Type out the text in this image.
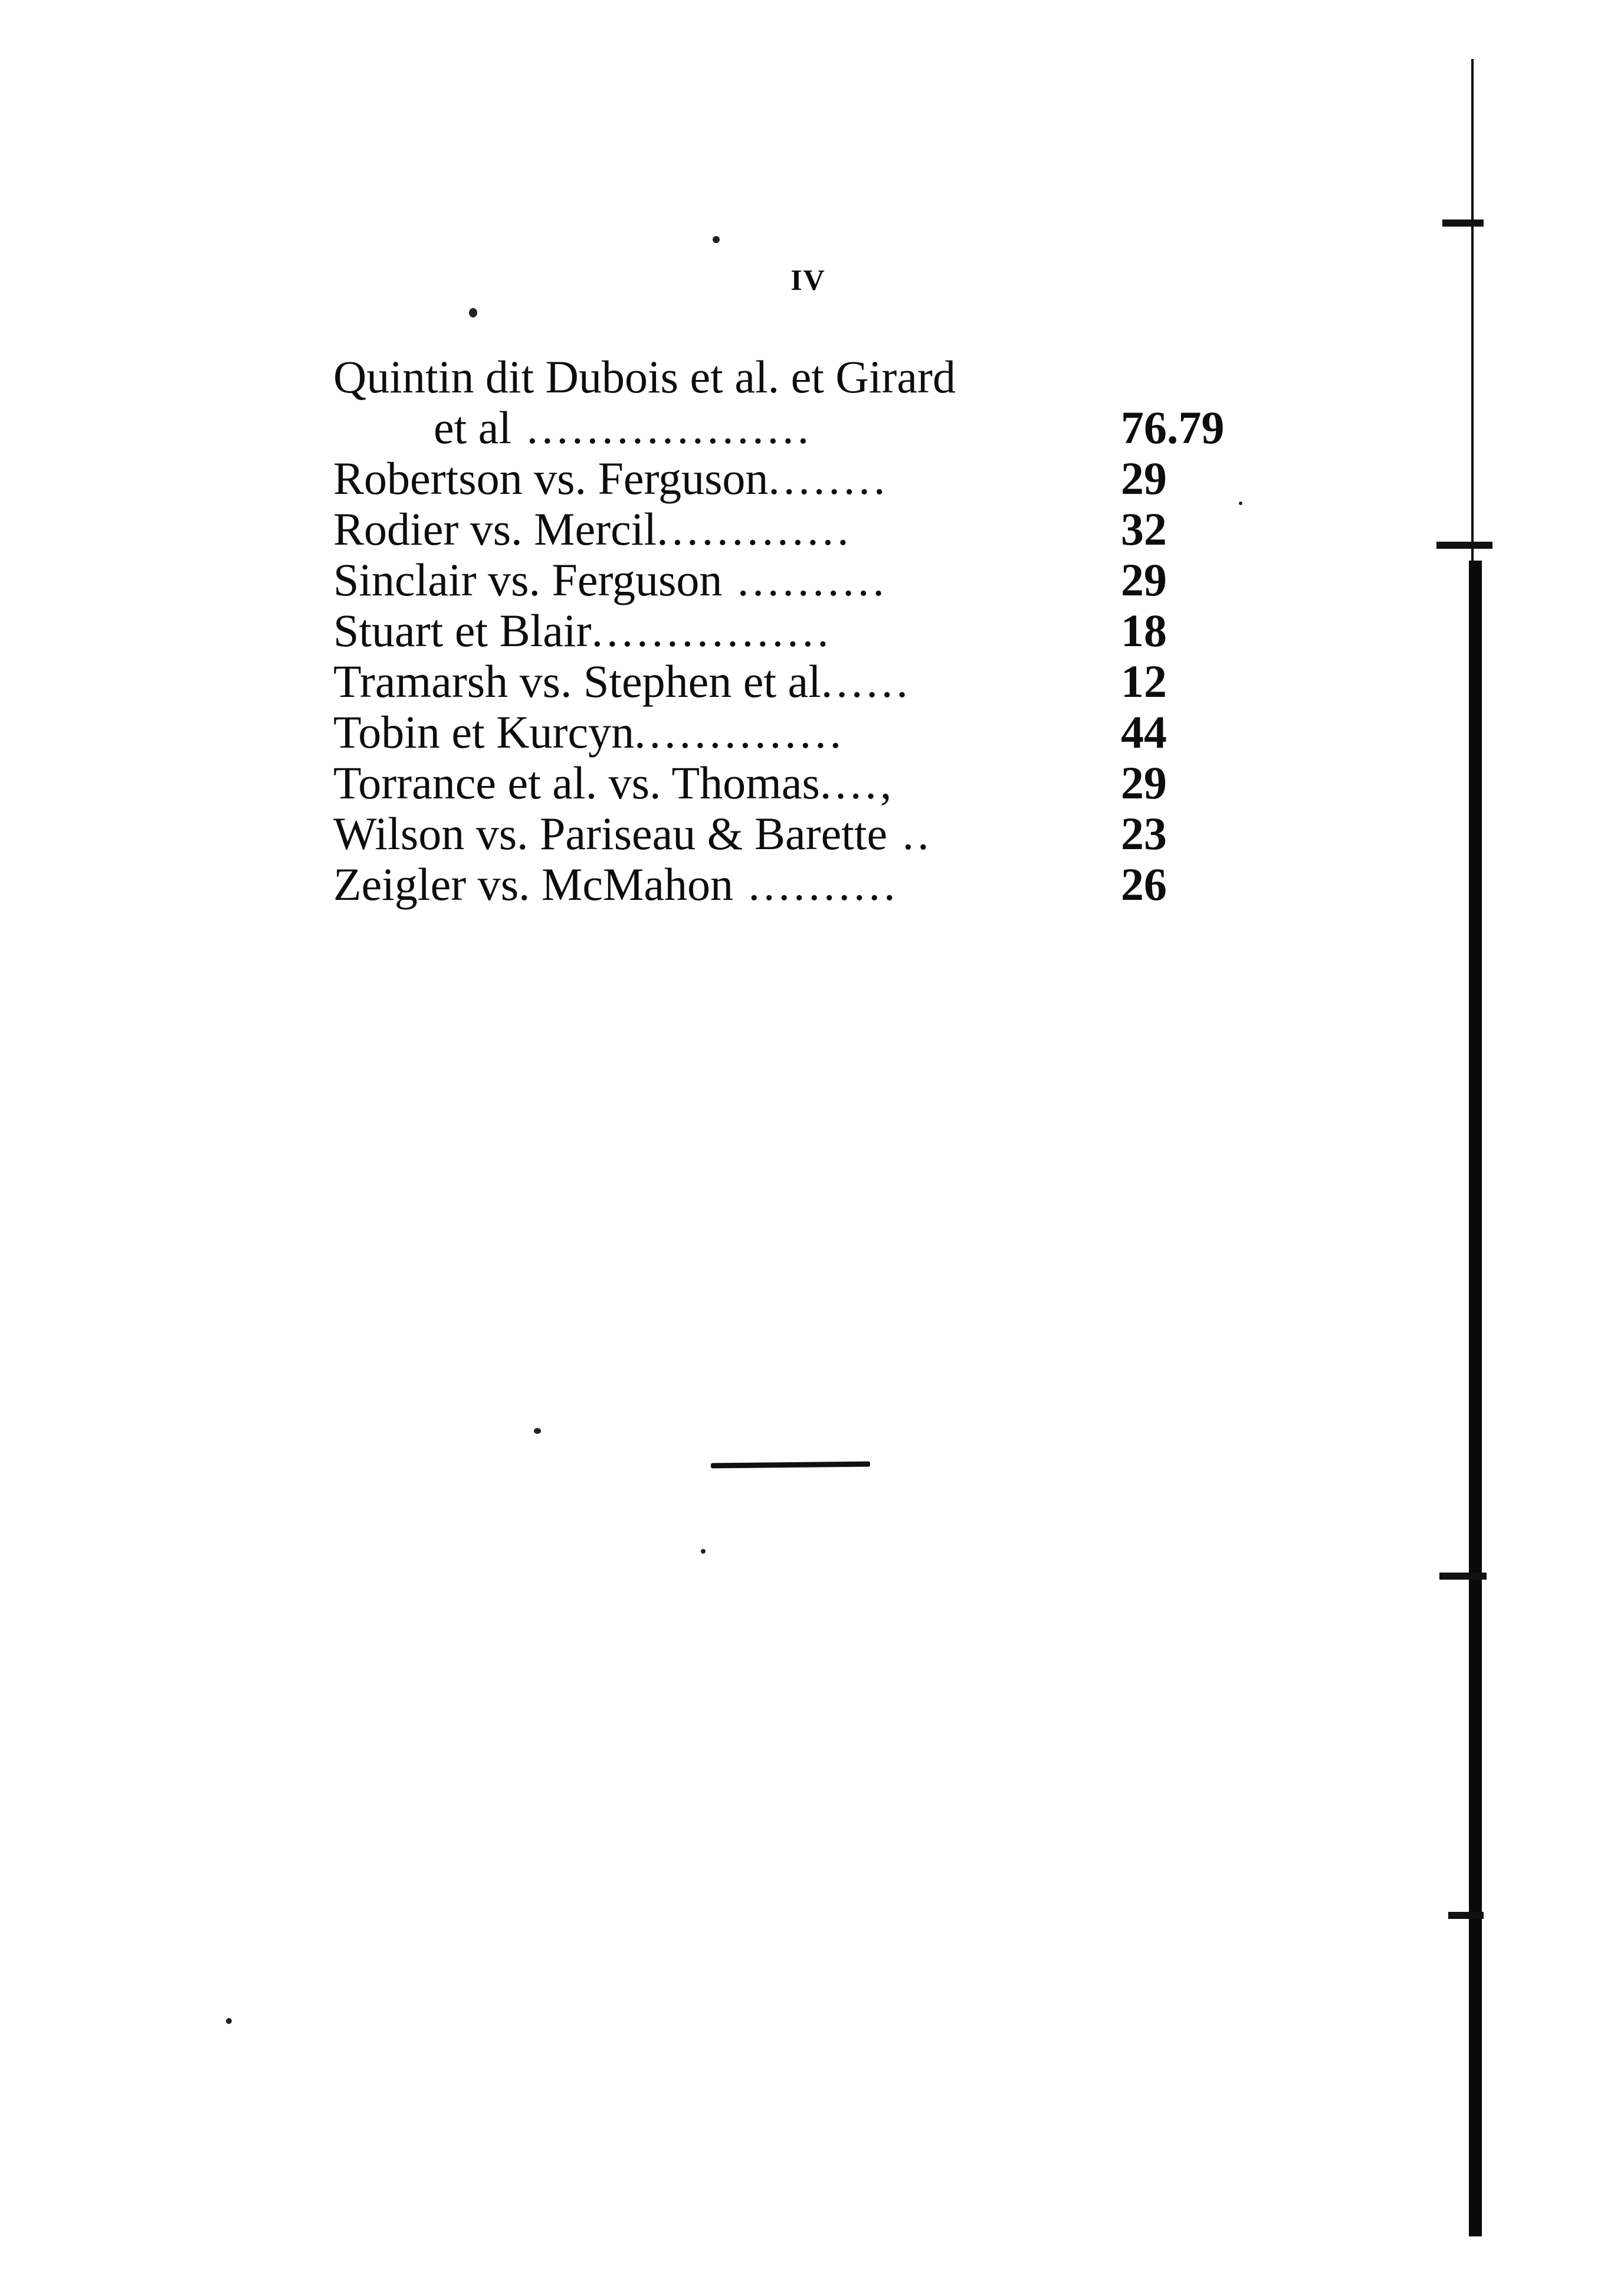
IV
Quintin dit Dubois et al. et Girard
et al ...................	76.79
Robertson vs. Ferguson........	29
Rodier vs. Mercil.............	32
Sinclair vs. Ferguson ..........	29
Stuart et Blair................	18
Tramarsh vs. Stephen et al......	12
Tobin et Kurcyn..............	44
Torrance et al. vs. Thomas....,	29
Wilson vs. Pariseau & Barette ..	23
Zeigler vs. McMahon ..........	26
